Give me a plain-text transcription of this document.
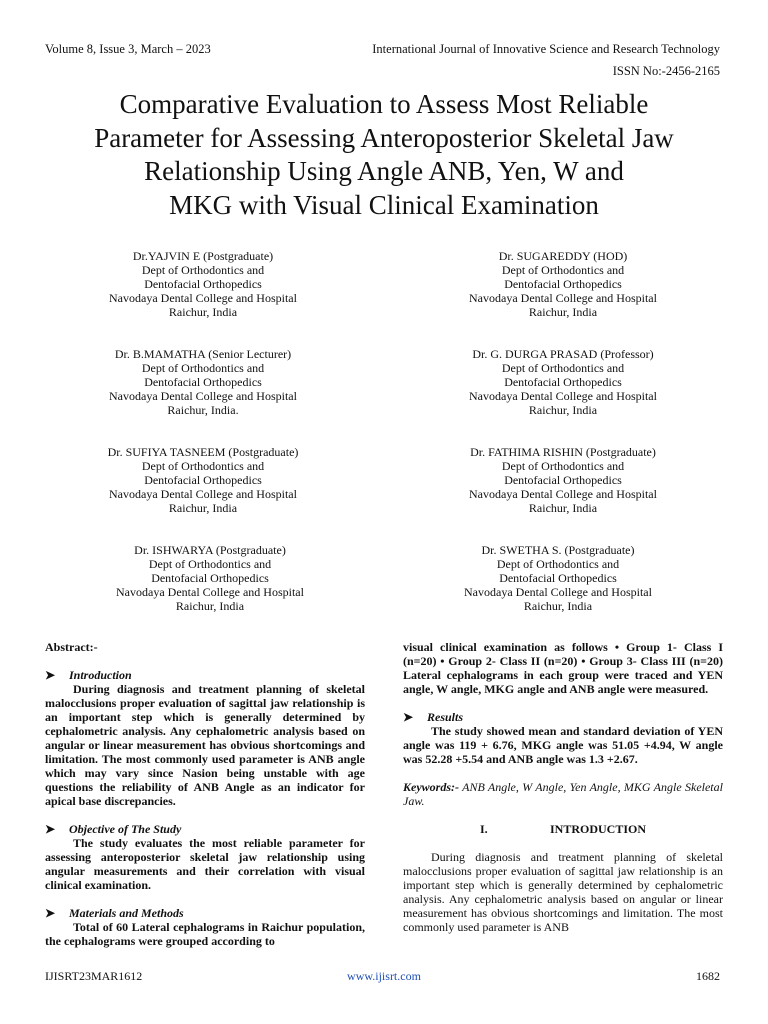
Volume 8, Issue 3, March – 2023	International Journal of Innovative Science and Research Technology
ISSN No:-2456-2165
Comparative Evaluation to Assess Most Reliable
Parameter for Assessing Anteroposterior Skeletal Jaw
Relationship Using Angle ANB, Yen, W and
MKG with Visual Clinical Examination
Dr.YAJVIN E (Postgraduate)
Dept of Orthodontics and
Dentofacial Orthopedics
Navodaya Dental College and Hospital
Raichur, India
Dr. SUGAREDDY (HOD)
Dept of Orthodontics and
Dentofacial Orthopedics
Navodaya Dental College and Hospital
Raichur, India
Dr. B.MAMATHA (Senior Lecturer)
Dept of Orthodontics and
Dentofacial Orthopedics
Navodaya Dental College and Hospital
Raichur, India.
Dr. G. DURGA PRASAD (Professor)
Dept of Orthodontics and
Dentofacial Orthopedics
Navodaya Dental College and Hospital
Raichur, India
Dr. SUFIYA TASNEEM (Postgraduate)
Dept of Orthodontics and
Dentofacial Orthopedics
Navodaya Dental College and Hospital
Raichur, India
Dr. FATHIMA RISHIN (Postgraduate)
Dept of Orthodontics and
Dentofacial Orthopedics
Navodaya Dental College and Hospital
Raichur, India
Dr. ISHWARYA (Postgraduate)
Dept of Orthodontics and
Dentofacial Orthopedics
Navodaya Dental College and Hospital
Raichur, India
Dr. SWETHA S. (Postgraduate)
Dept of Orthodontics and
Dentofacial Orthopedics
Navodaya Dental College and Hospital
Raichur, India
Abstract:-
➤ Introduction
During diagnosis and treatment planning of skeletal malocclusions proper evaluation of sagittal jaw relationship is an important step which is generally determined by cephalometric analysis. Any cephalometric analysis based on angular or linear measurement has obvious shortcomings and limitation. The most commonly used parameter is ANB angle which may vary since Nasion being unstable with age questions the reliability of ANB Angle as an indicator for apical base discrepancies.
➤ Objective of The Study
The study evaluates the most reliable parameter for assessing anteroposterior skeletal jaw relationship using angular measurements and their correlation with visual clinical examination.
➤ Materials and Methods
Total of 60 Lateral cephalograms in Raichur population, the cephalograms were grouped according to
visual clinical examination as follows • Group 1- Class I (n=20) • Group 2- Class II (n=20) • Group 3- Class III (n=20) Lateral cephalograms in each group were traced and YEN angle, W angle, MKG angle and ANB angle were measured.
➤ Results
The study showed mean and standard deviation of YEN angle was 119 + 6.76, MKG angle was 51.05 +4.94, W angle was 52.28 +5.54 and ANB angle was 1.3 +2.67.
Keywords:- ANB Angle, W Angle, Yen Angle, MKG Angle Skeletal Jaw.
I.	INTRODUCTION
During diagnosis and treatment planning of skeletal malocclusions proper evaluation of sagittal jaw relationship is an important step which is generally determined by cephalometric analysis. Any cephalometric analysis based on angular or linear measurement has obvious shortcomings and limitation. The most commonly used parameter is ANB
IJISRT23MAR1612	www.ijisrt.com	1682
